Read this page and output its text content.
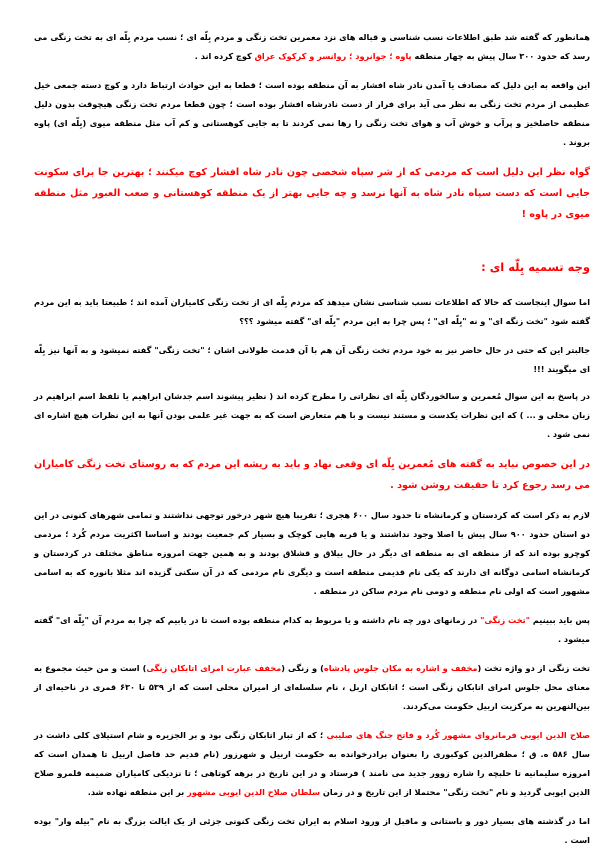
همانطور که گفته شد طبق اطلاعات نسب شناسی و قباله های نزد معمرین تخت زنگی و مردم بِلّه ای ؛ نسب مردم بِلّه ای به تخت زنگی می رسد که حدود ۳۰۰ سال پیش به چهار منطقه پاوه ؛ جوانرود ؛ روانسر و کرکوک عراق کوچ کرده اند .

این واقعه به این دلیل که مصادف یا آمدن نادر شاه افشار به آن منطقه بوده است ؛ قطعا به این حوادث ارتباط دارد و کوچ دسته جمعی خیل عظیمی از مردم تخت زنگی به نظر می آید برای فرار از دست نادرشاه افشار بوده است ؛ چون قطعا مردم تخت زنگی هیچوقت بدون دلیل منطقه حاصلخیز و پرآب و خوش آب و هوای تخت زنگی را رها نمی کردند تا به جایی کوهستانی و کم آب مثل منطقه میوی (بِلّه ای) پاوه بروند .

گواه نظر این دلیل است که مردمی که از شر سپاه شخصی چون نادر شاه افشار کوچ میکنند ؛ بهترین جا برای سکونت جایی است که دست سپاه نادر شاه به آنها نرسد و چه جایی بهتر از یک منطقه کوهستانی و صعب العبور مثل منطقه میوی در پاوه !

وجه تسمیه بِلّه ای :

اما سوال اینجاست که حالا که اطلاعات نسب شناسی نشان میدهد که مردم بِلّه ای از تخت زنگی کامیاران آمده اند ؛ طبیعتا باید به این مردم گفته شود "تخت زنگه ای" و نه "بِلّه ای" ؛ پس چرا به این مردم "بِلّه ای" گفته میشود ؟؟؟

جالبتر این که حتی در حال حاضر نیز به خود مردم تخت زنگی آن هم با آن قدمت طولانی اشان ؛ "تخت زنگی" گفته نمیشود و به آنها نیز بِلّه ای میگویند !!!

در پاسخ به این سوال مُعمرین و سالخوردگان بِلّه ای نظراتی را مطرح کرده اند ( نظیر پیشوند اسم جدشان ابراهیم یا تلفظ اسم ابراهیم در زبان محلی و ... ) که این نظرات یکدست و مستند نیست و با هم متعارض است که به جهت غیر علمی بودن آنها به این نظرات هیچ اشاره ای نمی شود .

در این خصوص نباید به گفته های مُعمرین بِلّه ای وقعی نهاد و باید به ریشه این مردم که به روستای تخت زنگی کامیاران می رسد رجوع کرد تا حقیقت روشن شود .

لازم به ذکر است که کردستان و کرمانشاه تا حدود سال ۶۰۰ هجری ؛ تقریبا هیچ شهر درخور توجهی نداشتند و تمامی شهرهای کنونی در این دو استان حدود ۹۰۰ سال پیش یا اصلا وجود نداشتند و یا قریه هایی کوچک و بسیار کم جمعیت بودند و اساسا اکثریت مردم کُرد ؛ مردمی کوچرو بوده اند که از منطقه ای به منطقه ای دیگر در حال ییلاق و قشلاق بودند و به همین جهت امروزه مناطق مختلف در کردستان و کرمانشاه اسامی دوگانه ای دارند که یکی نام قدیمی منطقه است و دیگری نام مردمی که در آن سکنی گزیده اند مثلا بانوره که به اسامی مشهور است که اولی نام منطقه و دومی نام مردم ساکن در منطقه .

پس باید ببینیم "تخت زنگی" در زمانهای دور چه نام داشته و یا مربوط به کدام منطقه بوده است تا در یابیم که چرا به مردم آن "بِلّه ای" گفته میشود .

تخت زنگی از دو واژه تخت (مخفف و اشاره به مکان جلوس پادشاه) و زنگی (مخفف عبارت امرای اتابکان زنگی) است و من حیث مجموع به معنای محل جلوس امرای اتابکان زنگی است ؛ اتابکان اربل ، نام سلسله‌ای از امیران محلی است که از ۵۳۹ تا ۶۳۰ قمری در ناحیه‌ای از بین‌النهرین به مرکزیت اربیل حکومت می‌کردند.

صلاح الدین ایوبی فرمانروای مشهور کُرد و فاتح جنگ های صلیبی ؛ که از تبار اتابکان زنگی بود و بر الجزیره و شام استیلای کلی داشت در سال ۵۸۶ ه. ق ؛ مظفرالدین کوکبوری را بعنوان برادرخوانده به حکومت اربیل و شهرزور (نام قدیم حد فاصل اربیل تا همدان است که امروزه سلیمانیه تا حلبچه را شاره زوور جدید می نامند ) فرستاد و در این تاریخ در برهه کوتاهی ؛ تا نزدیکی کامیاران ضمیمه قلمرو صلاح الدین ایوبی گردید و نام "تخت زنگی" محتملا از این تاریخ و در زمان سلطان صلاح الدین ایوبی مشهور بر این منطقه نهاده شد.

اما در گذشته های بسیار دور و باستانی و ماقبل از ورود اسلام به ایران تخت زنگی کنونی جزئی از یک ایالت بزرگ به نام "بیله وار" بوده است .
